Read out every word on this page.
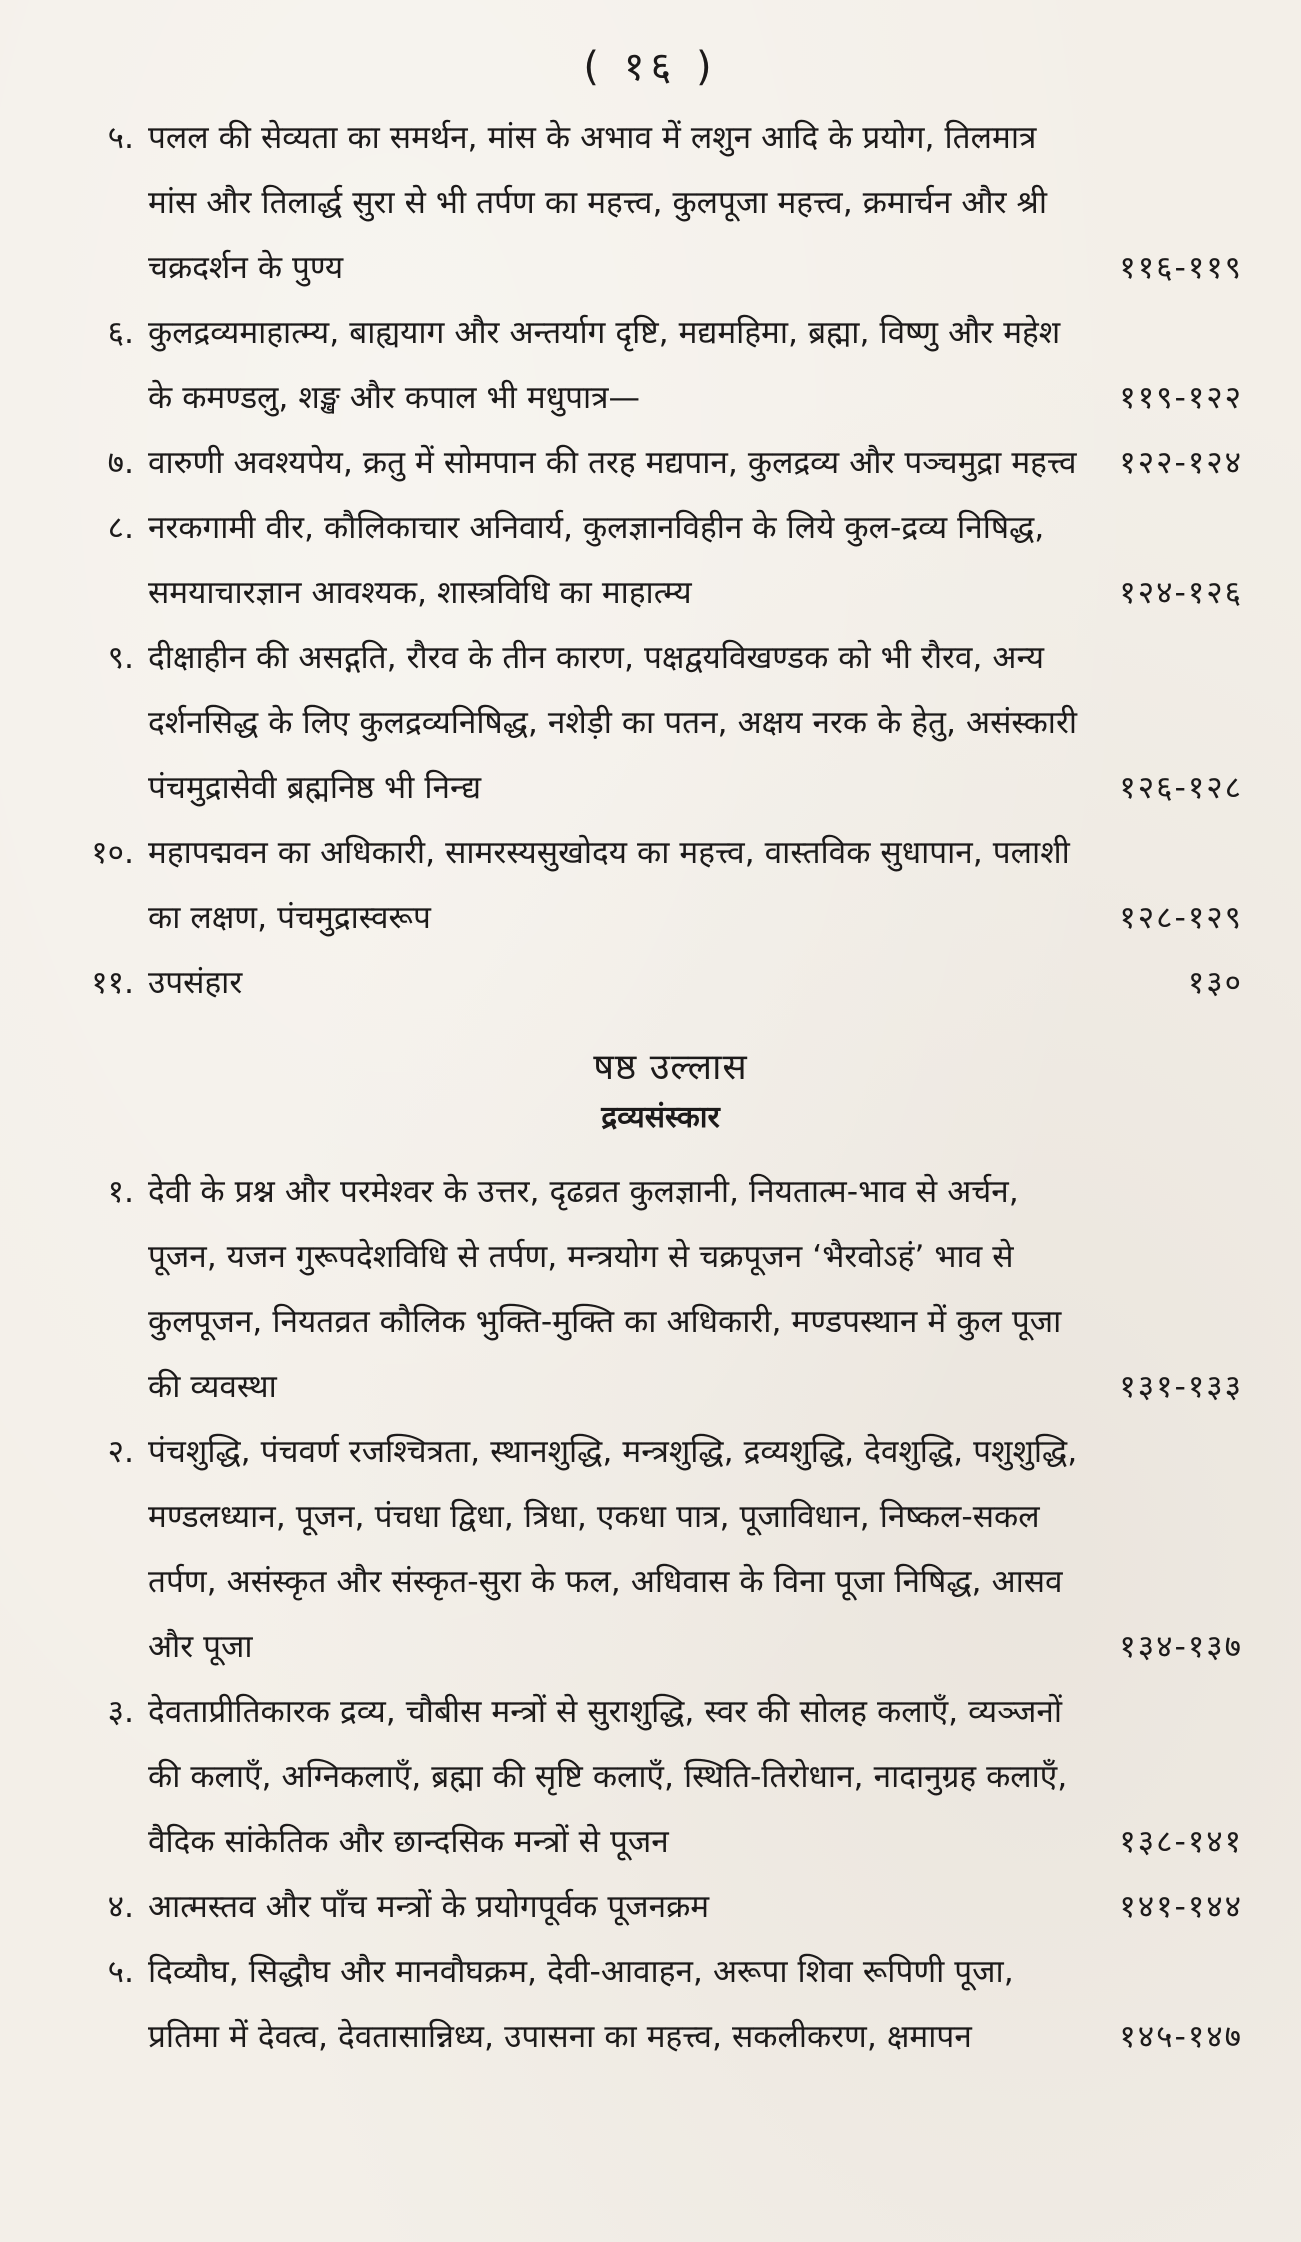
( १६ )
५. पलल की सेव्यता का समर्थन, मांस के अभाव में लशुन आदि के प्रयोग, तिलमात्र मांस और तिलार्द्ध सुरा से भी तर्पण का महत्त्व, कुलपूजा महत्त्व, क्रमार्चन और श्री चक्रदर्शन के पुण्य	११६-११९
६. कुलद्रव्यमाहात्म्य, बाह्ययाग और अन्तर्याग दृष्टि, मद्यमहिमा, ब्रह्मा, विष्णु और महेश के कमण्डलु, शङ्ख और कपाल भी मधुपात्र—	११९-१२२
७. वारुणी अवश्यपेय, क्रतु में सोमपान की तरह मद्यपान, कुलद्रव्य और पञ्चमुद्रा महत्त्व	१२२-१२४
८. नरकगामी वीर, कौलिकाचार अनिवार्य, कुलज्ञानविहीन के लिये कुल-द्रव्य निषिद्ध, समयाचारज्ञान आवश्यक, शास्त्रविधि का माहात्म्य	१२४-१२६
९. दीक्षाहीन की असद्गति, रौरव के तीन कारण, पक्षद्वयविखण्डक को भी रौरव, अन्य दर्शनसिद्ध के लिए कुलद्रव्यनिषिद्ध, नशेड़ी का पतन, अक्षय नरक के हेतु, असंस्कारी पंचमुद्रासेवी ब्रह्मनिष्ठ भी निन्द्य	१२६-१२८
१०. महापद्मवन का अधिकारी, सामरस्यसुखोदय का महत्त्व, वास्तविक सुधापान, पलाशी का लक्षण, पंचमुद्रास्वरूप	१२८-१२९
११. उपसंहार	१३०
षष्ठ उल्लास
द्रव्यसंस्कार
१. देवी के प्रश्न और परमेश्वर के उत्तर, दृढव्रत कुलज्ञानी, नियतात्म-भाव से अर्चन, पूजन, यजन गुरूपदेशविधि से तर्पण, मन्त्रयोग से चक्रपूजन ‘भैरवोऽहं’ भाव से कुलपूजन, नियतव्रत कौलिक भुक्ति-मुक्ति का अधिकारी, मण्डपस्थान में कुल पूजा की व्यवस्था	१३१-१३३
२. पंचशुद्धि, पंचवर्ण रजश्चित्रता, स्थानशुद्धि, मन्त्रशुद्धि, द्रव्यशुद्धि, देवशुद्धि, पशुशुद्धि, मण्डलध्यान, पूजन, पंचधा द्विधा, त्रिधा, एकधा पात्र, पूजाविधान, निष्कल-सकल तर्पण, असंस्कृत और संस्कृत-सुरा के फल, अधिवास के विना पूजा निषिद्ध, आसव और पूजा	१३४-१३७
३. देवताप्रीतिकारक द्रव्य, चौबीस मन्त्रों से सुराशुद्धि, स्वर की सोलह कलाएँ, व्यञ्जनों की कलाएँ, अग्निकलाएँ, ब्रह्मा की सृष्टि कलाएँ, स्थिति-तिरोधान, नादानुग्रह कलाएँ, वैदिक सांकेतिक और छान्दसिक मन्त्रों से पूजन	१३८-१४१
४. आत्मस्तव और पाँच मन्त्रों के प्रयोगपूर्वक पूजनक्रम	१४१-१४४
५. दिव्यौघ, सिद्धौघ और मानवौघक्रम, देवी-आवाहन, अरूपा शिवा रूपिणी पूजा, प्रतिमा में देवत्व, देवतासान्निध्य, उपासना का महत्त्व, सकलीकरण, क्षमापन	१४५-१४७
